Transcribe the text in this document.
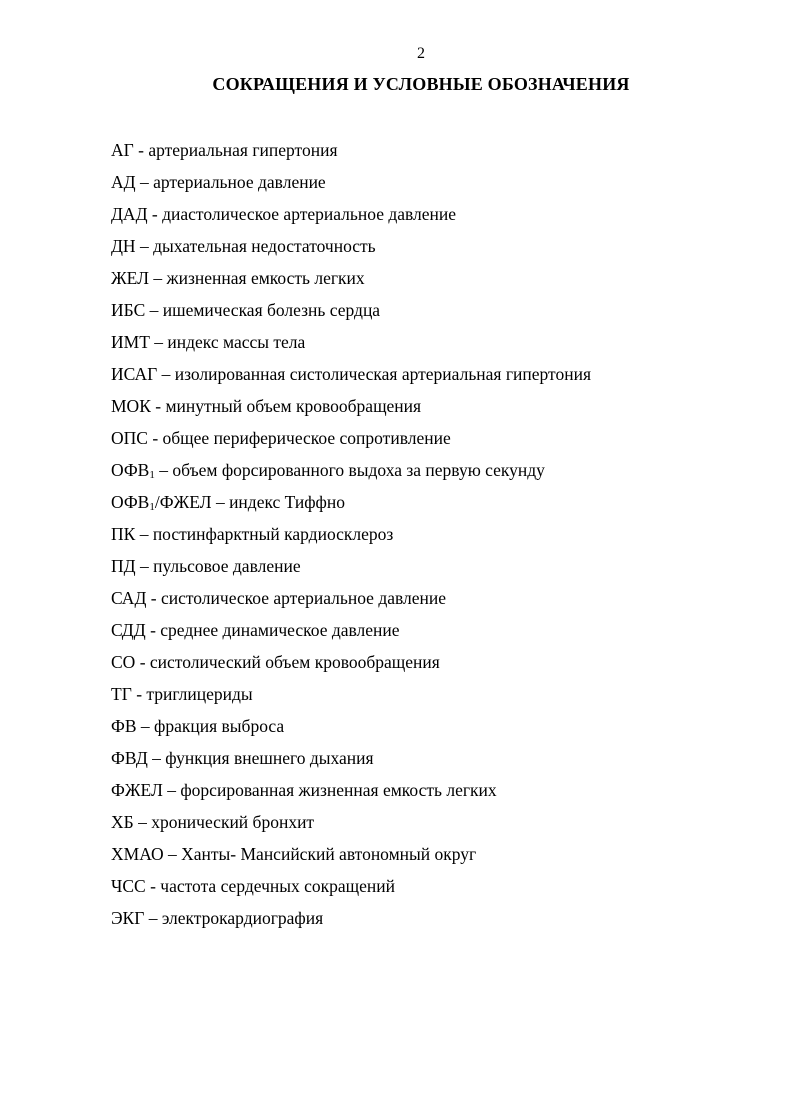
2
СОКРАЩЕНИЯ И УСЛОВНЫЕ ОБОЗНАЧЕНИЯ
АГ - артериальная гипертония
АД – артериальное давление
ДАД - диастолическое артериальное давление
ДН – дыхательная недостаточность
ЖЕЛ – жизненная емкость легких
ИБС – ишемическая болезнь сердца
ИМТ – индекс массы тела
ИСАГ – изолированная систолическая артериальная гипертония
МОК - минутный объем кровообращения
ОПС - общее периферическое сопротивление
$ОФВ_1$ – объем форсированного выдоха за первую секунду
$ОФВ_1$/ФЖЕЛ – индекс Тиффно
ПК – постинфарктный кардиосклероз
ПД – пульсовое давление
САД - систолическое артериальное давление
СДД - среднее динамическое давление
СО - систолический объем кровообращения
ТГ - триглицериды
ФВ – фракция выброса
ФВД – функция внешнего дыхания
ФЖЕЛ – форсированная жизненная емкость легких
ХБ – хронический бронхит
ХМАО – Ханты- Мансийский автономный округ
ЧСС - частота сердечных сокращений
ЭКГ – электрокардиография
